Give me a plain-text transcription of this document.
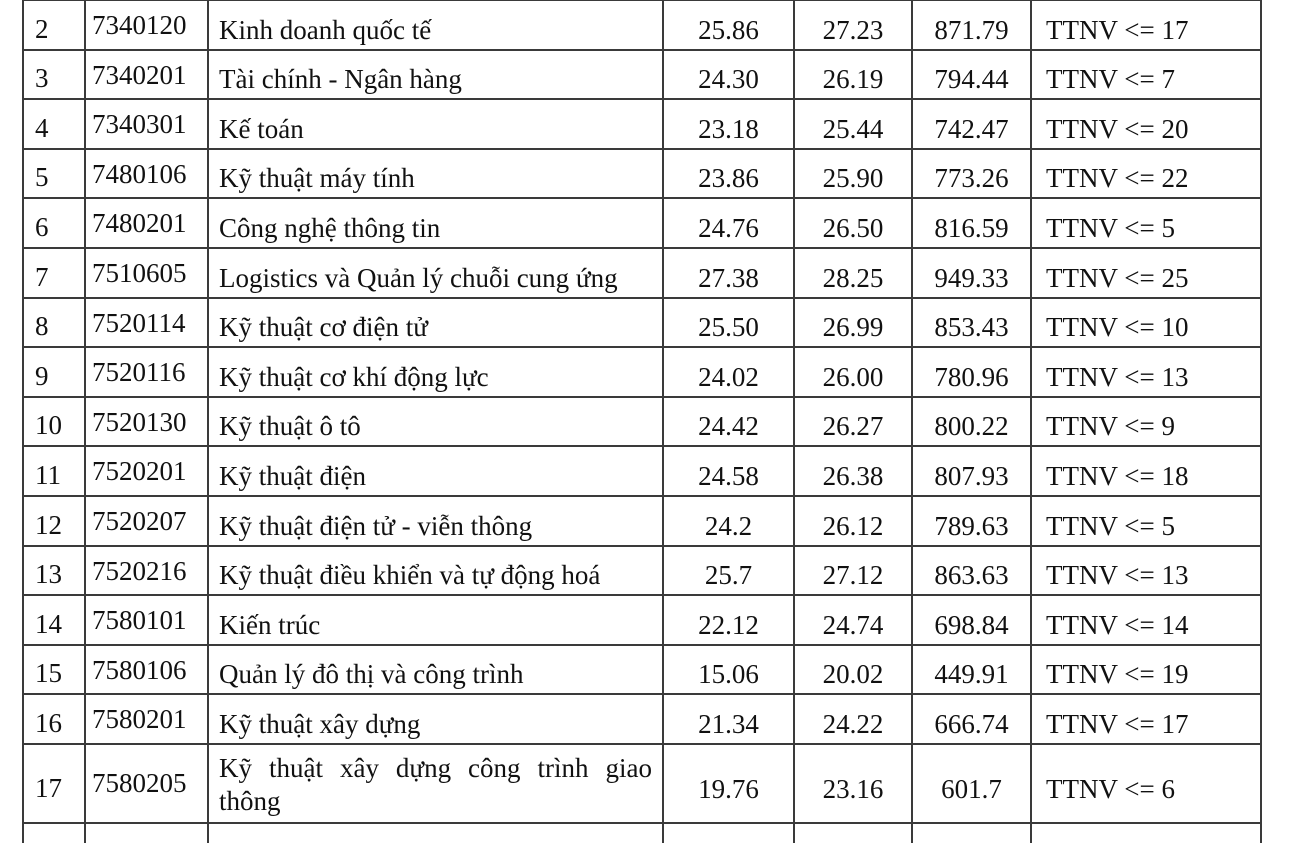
2	7340120	Kinh doanh quốc tế	25.86	27.23	871.79	TTNV <= 17
3	7340201	Tài chính - Ngân hàng	24.30	26.19	794.44	TTNV <= 7
4	7340301	Kế toán	23.18	25.44	742.47	TTNV <= 20
5	7480106	Kỹ thuật máy tính	23.86	25.90	773.26	TTNV <= 22
6	7480201	Công nghệ thông tin	24.76	26.50	816.59	TTNV <= 5
7	7510605	Logistics và Quản lý chuỗi cung ứng	27.38	28.25	949.33	TTNV <= 25
8	7520114	Kỹ thuật cơ điện tử	25.50	26.99	853.43	TTNV <= 10
9	7520116	Kỹ thuật cơ khí động lực	24.02	26.00	780.96	TTNV <= 13
10	7520130	Kỹ thuật ô tô	24.42	26.27	800.22	TTNV <= 9
11	7520201	Kỹ thuật điện	24.58	26.38	807.93	TTNV <= 18
12	7520207	Kỹ thuật điện tử - viễn thông	24.2	26.12	789.63	TTNV <= 5
13	7520216	Kỹ thuật điều khiển và tự động hoá	25.7	27.12	863.63	TTNV <= 13
14	7580101	Kiến trúc	22.12	24.74	698.84	TTNV <= 14
15	7580106	Quản lý đô thị và công trình	15.06	20.02	449.91	TTNV <= 19
16	7580201	Kỹ thuật xây dựng	21.34	24.22	666.74	TTNV <= 17
17	7580205	Kỹ thuật xây dựng công trình giao thông	19.76	23.16	601.7	TTNV <= 6
